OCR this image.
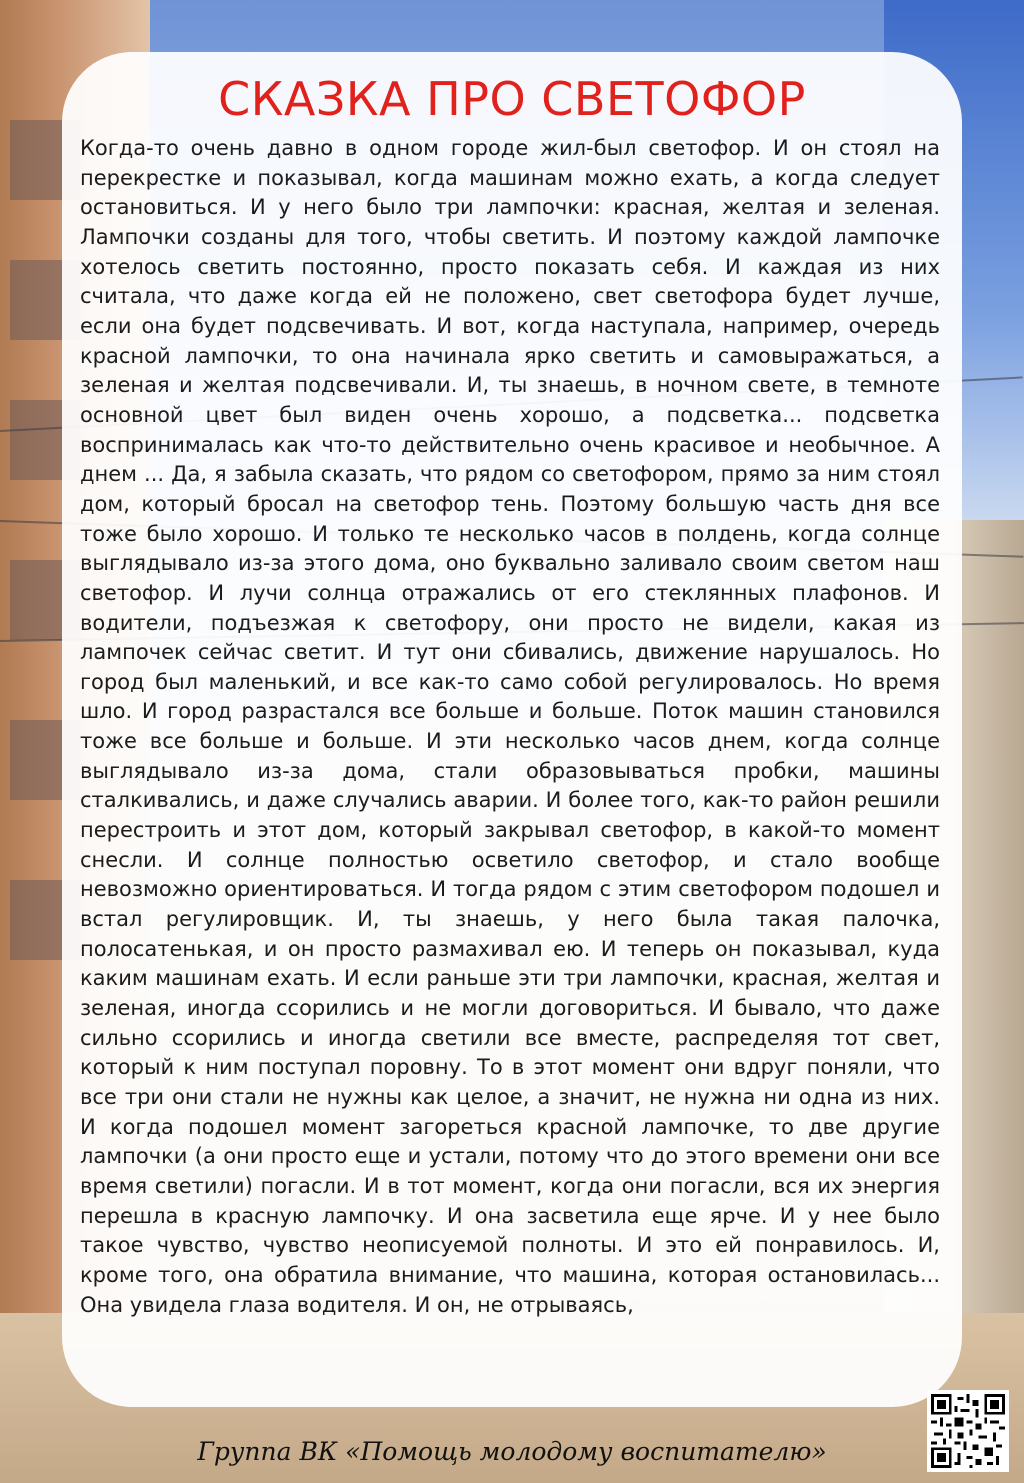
СКАЗКА ПРО СВЕТОФОР

Когда-то очень давно в одном городе жил-был светофор. И он стоял на перекрестке и показывал, когда машинам можно ехать, а когда следует остановиться. И у него было три лампочки: красная, желтая и зеленая. Лампочки созданы для того, чтобы светить. И поэтому каждой лампочке хотелось светить постоянно, просто показать себя. И каждая из них считала, что даже когда ей не положено, свет светофора будет лучше, если она будет подсвечивать. И вот, когда наступала, например, очередь красной лампочки, то она начинала ярко светить и самовыражаться, а зеленая и желтая подсвечивали. И, ты знаешь, в ночном свете, в темноте основной цвет был виден очень хорошо, а подсветка... подсветка воспринималась как что-то действительно очень красивое и необычное. А днем ... Да, я забыла сказать, что рядом со светофором, прямо за ним стоял дом, который бросал на светофор тень. Поэтому большую часть дня все тоже было хорошо. И только те несколько часов в полдень, когда солнце выглядывало из-за этого дома, оно буквально заливало своим светом наш светофор. И лучи солнца отражались от его стеклянных плафонов. И водители, подъезжая к светофору, они просто не видели, какая из лампочек сейчас светит. И тут они сбивались, движение нарушалось. Но город был маленький, и все как-то само собой регулировалось. Но время шло. И город разрастался все больше и больше. Поток машин становился тоже все больше и больше. И эти несколько часов днем, когда солнце выглядывало из-за дома, стали образовываться пробки, машины сталкивались, и даже случались аварии. И более того, как-то район решили перестроить и этот дом, который закрывал светофор, в какой-то момент снесли. И солнце полностью осветило светофор, и стало вообще невозможно ориентироваться. И тогда рядом с этим светофором подошел и встал регулировщик. И, ты знаешь, у него была такая палочка, полосатенькая, и он просто размахивал ею. И теперь он показывал, куда каким машинам ехать. И если раньше эти три лампочки, красная, желтая и зеленая, иногда ссорились и не могли договориться. И бывало, что даже сильно ссорились и иногда светили все вместе, распределяя тот свет, который к ним поступал поровну. То в этот момент они вдруг поняли, что все три они стали не нужны как целое, а значит, не нужна ни одна из них. И когда подошел момент загореться красной лампочке, то две другие лампочки (а они просто еще и устали, потому что до этого времени они все время светили) погасли. И в тот момент, когда они погасли, вся их энергия перешла в красную лампочку. И она засветила еще ярче. И у нее было такое чувство, чувство неописуемой полноты. И это ей понравилось. И, кроме того, она обратила внимание, что машина, которая остановилась... Она увидела глаза водителя. И он, не отрываясь,

Группа ВК «Помощь молодому воспитателю»
